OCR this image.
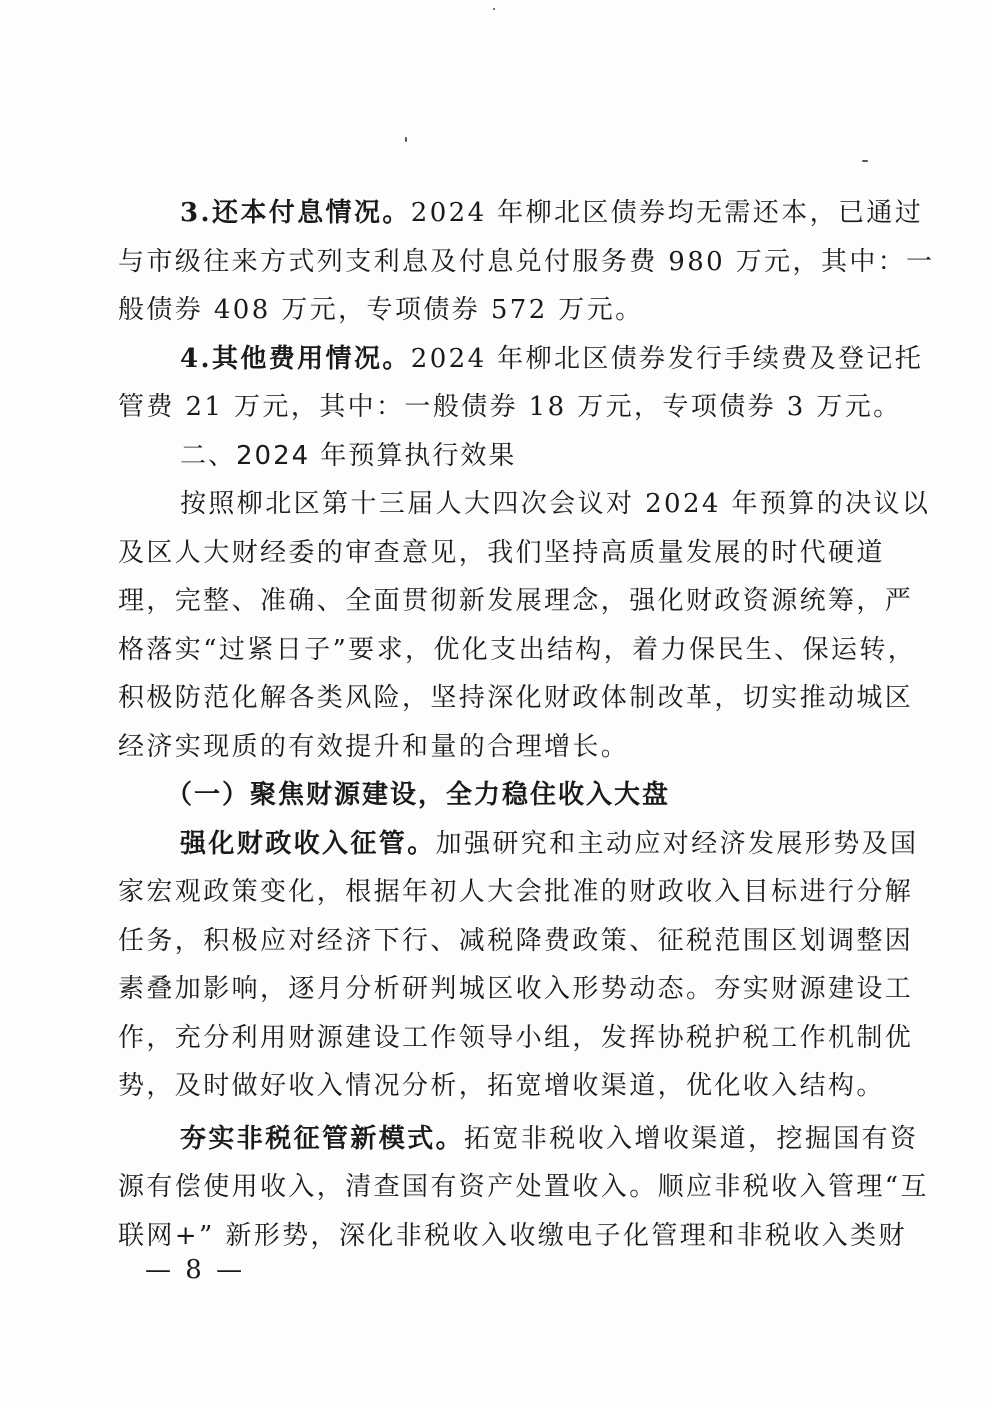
3.还本付息情况。2024 年柳北区债券均无需还本，已通过
与市级往来方式列支利息及付息兑付服务费 980 万元，其中：一
般债券 408 万元，专项债券 572 万元。
4.其他费用情况。2024 年柳北区债券发行手续费及登记托
管费 21 万元，其中：一般债券 18 万元，专项债券 3 万元。
二、2024 年预算执行效果
按照柳北区第十三届人大四次会议对 2024 年预算的决议以
及区人大财经委的审查意见，我们坚持高质量发展的时代硬道
理，完整、准确、全面贯彻新发展理念，强化财政资源统筹，严
格落实“过紧日子”要求，优化支出结构，着力保民生、保运转，
积极防范化解各类风险，坚持深化财政体制改革，切实推动城区
经济实现质的有效提升和量的合理增长。
（一）聚焦财源建设，全力稳住收入大盘
强化财政收入征管。加强研究和主动应对经济发展形势及国
家宏观政策变化，根据年初人大会批准的财政收入目标进行分解
任务，积极应对经济下行、减税降费政策、征税范围区划调整因
素叠加影响，逐月分析研判城区收入形势动态。夯实财源建设工
作，充分利用财源建设工作领导小组，发挥协税护税工作机制优
势，及时做好收入情况分析，拓宽增收渠道，优化收入结构。
夯实非税征管新模式。拓宽非税收入增收渠道，挖掘国有资
源有偿使用收入，清查国有资产处置收入。顺应非税收入管理“互
联网+” 新形势，深化非税收入收缴电子化管理和非税收入类财
— 8 —
